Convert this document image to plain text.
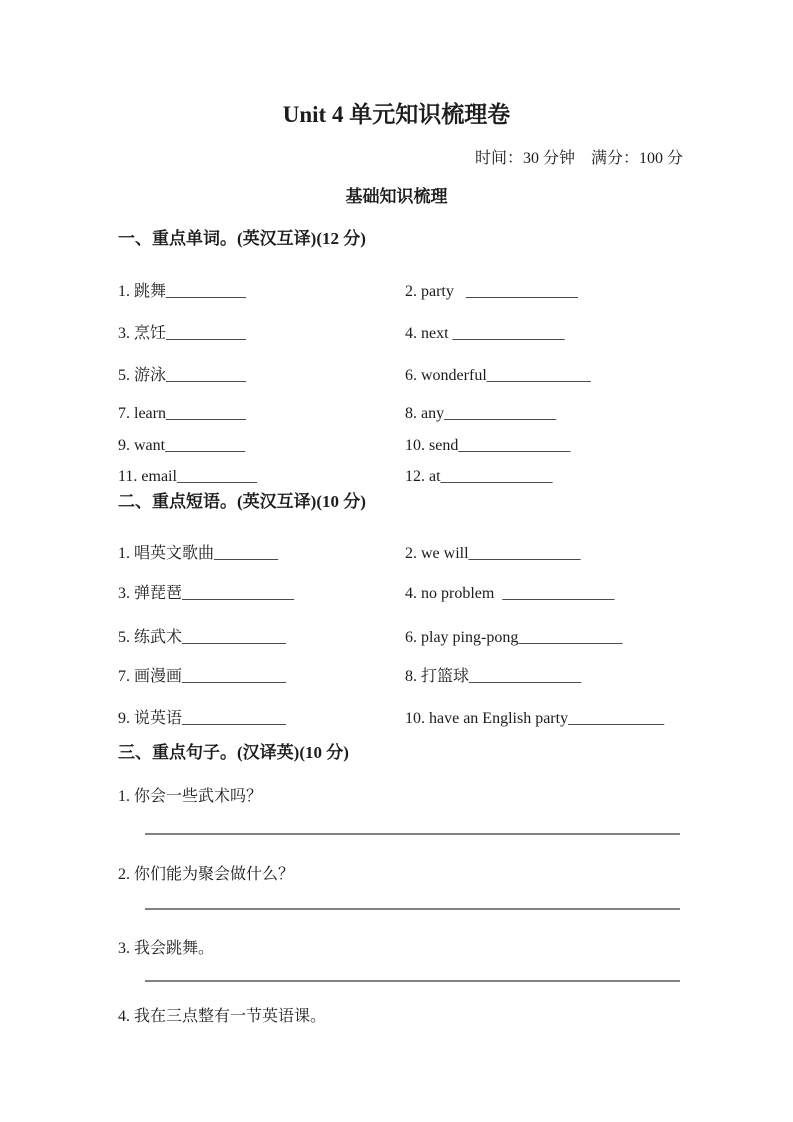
Unit 4 单元知识梳理卷
时间：30 分钟　满分：100 分
基础知识梳理
一、重点单词。(英汉互译)(12 分)
1. 跳舞__________	2. party   ______________
3. 烹饪__________	4. next ______________
5. 游泳__________	6. wonderful_____________
7. learn__________	8. any______________
9. want__________	10. send______________
11. email__________	12. at______________
二、重点短语。(英汉互译)(10 分)
1. 唱英文歌曲________	2. we will______________
3. 弹琵琶______________	4. no problem  ______________
5. 练武术_____________	6. play ping-pong_____________
7. 画漫画_____________	8. 打篮球______________
9. 说英语_____________	10. have an English party____________
三、重点句子。(汉译英)(10 分)
1. 你会一些武术吗？
2. 你们能为聚会做什么？
3. 我会跳舞。
4. 我在三点整有一节英语课。
